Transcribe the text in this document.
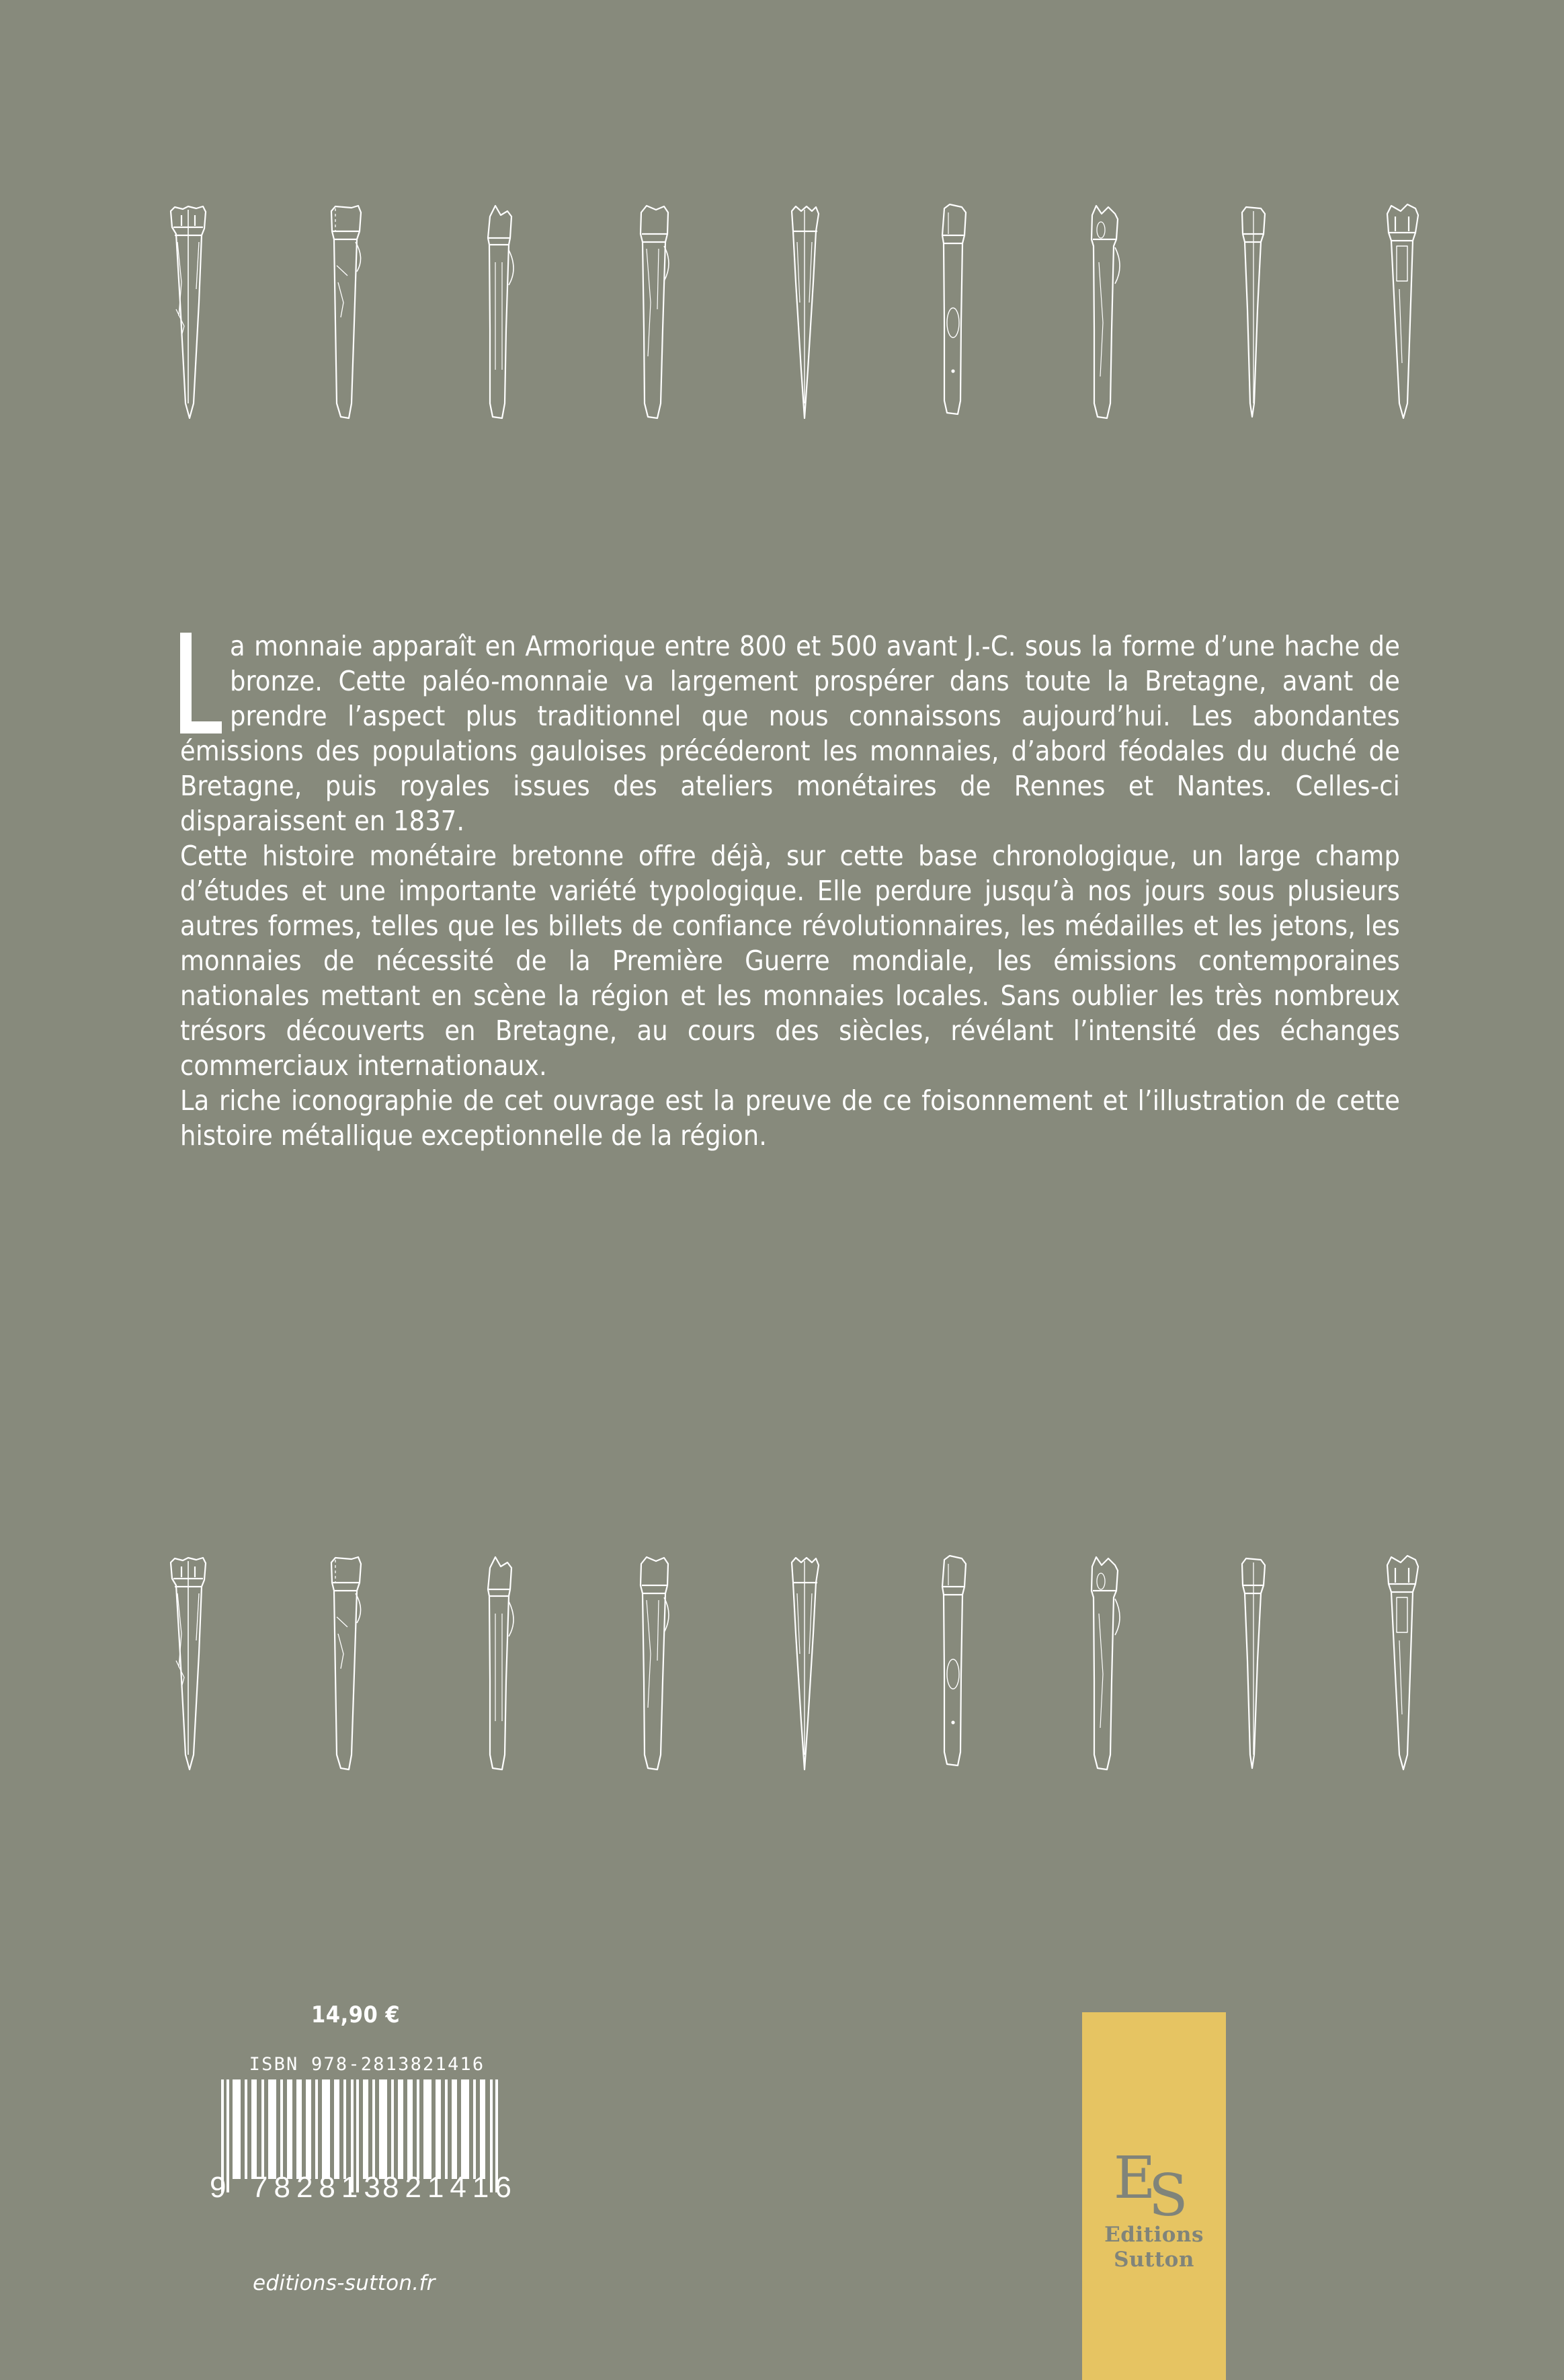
a monnaie apparaît en Armorique entre 800 et 500 avant J.-C. sous la forme d’une hache de bronze. Cette paléo-monnaie va largement prospérer dans toute la Bretagne, avant de prendre l’aspect plus traditionnel que nous connaissons aujourd’hui. Les abondantes émissions des populations gauloises précéderont les monnaies, d’abord féodales du duché de Bretagne, puis royales issues des ateliers monétaires de Rennes et Nantes. Celles-ci disparaissent en 1837.

Cette histoire monétaire bretonne offre déjà, sur cette base chronologique, un large champ d’études et une importante variété typologique. Elle perdure jusqu’à nos jours sous plusieurs autres formes, telles que les billets de confiance révolutionnaires, les médailles et les jetons, les monnaies de nécessité de la Première Guerre mondiale, les émissions contemporaines nationales mettant en scène la région et les monnaies locales. Sans oublier les très nombreux trésors découverts en Bretagne, au cours des siècles, révélant l’intensité des échanges commerciaux internationaux.

La riche iconographie de cet ouvrage est la preuve de ce foisonnement et l’illustration de cette histoire métallique exceptionnelle de la région.

14,90 €
ISBN 978-2813821416
9 782813
821416
editions-sutton.fr
E
S
Editions
Sutton
